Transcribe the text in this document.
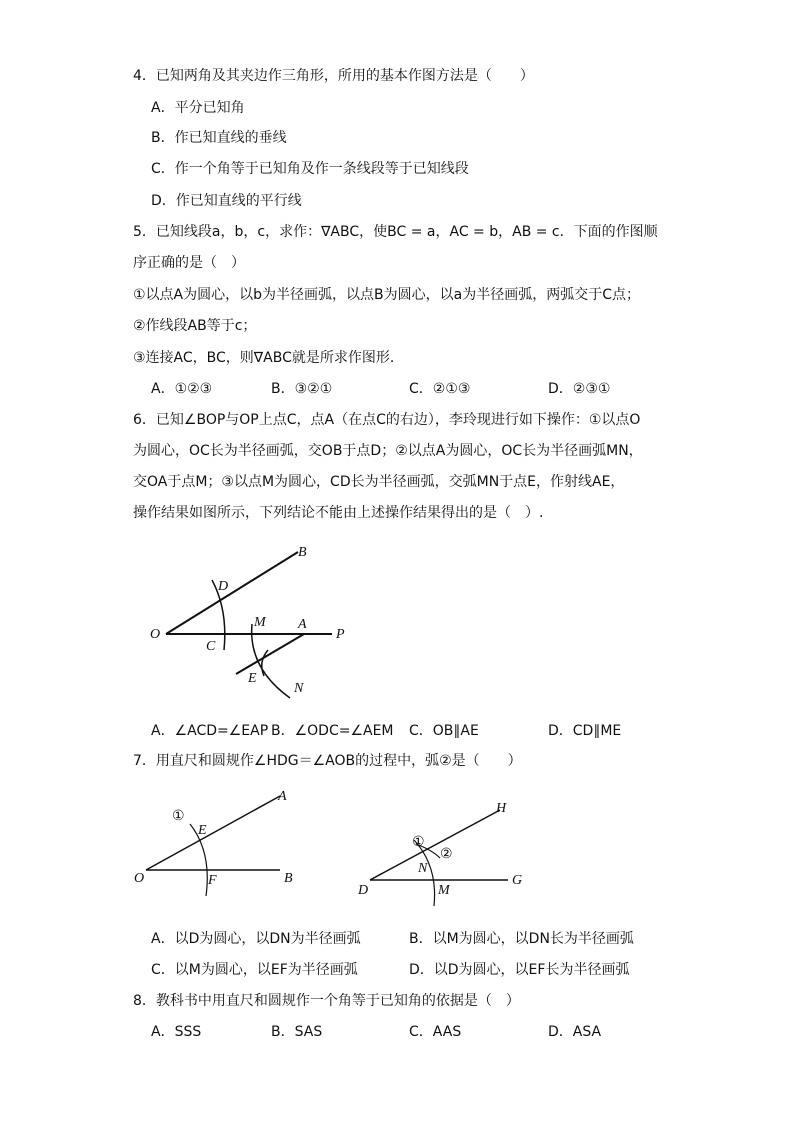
4．已知两角及其夹边作三角形，所用的基本作图方法是（　　）
A．平分已知角
B．作已知直线的垂线
C．作一个角等于已知角及作一条线段等于已知线段
D．作已知直线的平行线
5．已知线段a，b，c，求作：∇ABC，使BC = a，AC = b，AB = c．下面的作图顺
序正确的是（　）
①以点A为圆心，以b为半径画弧，以点B为圆心，以a为半径画弧，两弧交于C点；
②作线段AB等于c；
③连接AC，BC，则∇ABC就是所求作图形．
A．①②③	B．③②①	C．②①③	D．②③①
6．已知∠BOP与OP上点C，点A（在点C的右边），李玲现进行如下操作：①以点O
为圆心，OC长为半径画弧，交OB于点D；②以点A为圆心，OC长为半径画弧MN，
交OA于点M；③以点M为圆心，CD长为半径画弧，交弧MN于点E，作射线AE，
操作结果如图所示，下列结论不能由上述操作结果得出的是（　）.
B
D
O
C
M A
P
E
N
A．∠ACD=∠EAP B．∠ODC=∠AEM C．OB∥AE	D．CD∥ME
7．用直尺和圆规作∠HDG＝∠AOB的过程中，弧②是（　　）
A
①
E
O	F	B
H
①
②
N
D	M
G
A．以D为圆心，以DN为半径画弧	B．以M为圆心，以DN长为半径画弧
C．以M为圆心，以EF为半径画弧	D．以D为圆心，以EF长为半径画弧
8．教科书中用直尺和圆规作一个角等于已知角的依据是（　）
A．SSS	B．SAS	C．AAS	D．ASA
